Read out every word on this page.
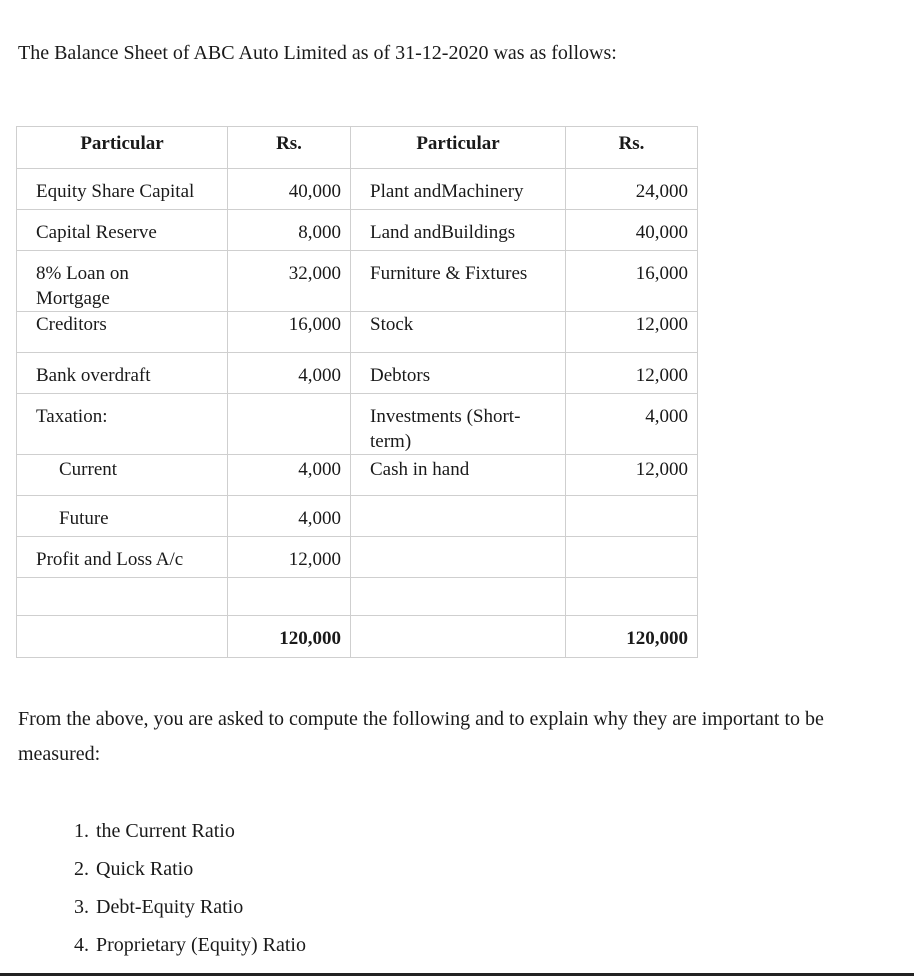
The Balance Sheet of ABC Auto Limited as of 31-12-2020 was as follows:
Particular	Rs.	Particular	Rs.

Equity Share Capital	40,000	Plant andMachinery	24,000

Capital Reserve	8,000	Land andBuildings	40,000

8% Loan on Mortgage	32,000	Furniture & Fixtures	16,000

Creditors	16,000	Stock	12,000

Bank overdraft	4,000	Debtors	12,000

Taxation:		Investments (Short-term)	4,000

Current	4,000	Cash in hand	12,000

Future	4,000		

Profit and Loss A/c	12,000		

	120,000		120,000
From the above, you are asked to compute the following and to explain why they are important to be measured:
1. the Current Ratio
2. Quick Ratio
3. Debt-Equity Ratio
4. Proprietary (Equity) Ratio
